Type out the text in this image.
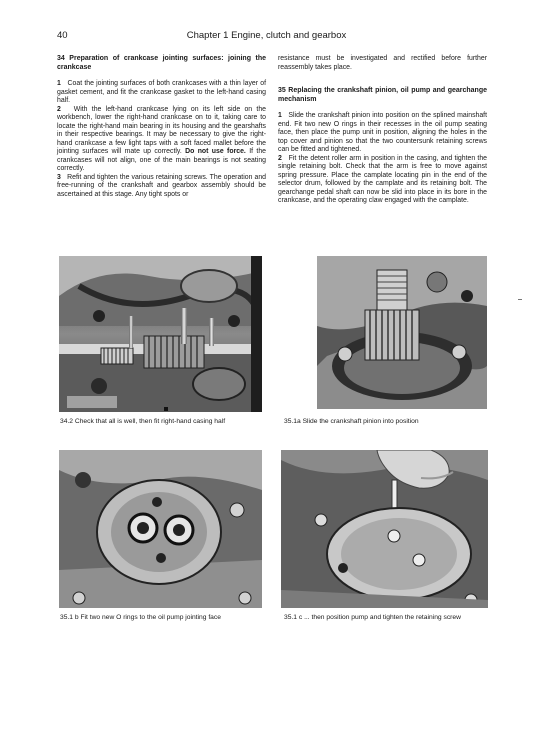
40	Chapter 1 Engine, clutch and gearbox
34 Preparation of crankcase jointing surfaces: joining the crankcase

1 Coat the jointing surfaces of both crankcases with a thin layer of gasket cement, and fit the crankcase gasket to the left-hand casing half.

2 With the left-hand crankcase lying on its left side on the workbench, lower the right-hand crankcase on to it, taking care to locate the right-hand main bearing in its housing and the gearshafts in their respective bearings. It may be necessary to give the right-hand crankcase a few light taps with a soft faced mallet before the jointing surfaces will mate up correctly. Do not use force. If the crankcases will not align, one of the main bearings is not seating correctly.

3 Refit and tighten the various retaining screws. The operation and free-running of the crankshaft and gearbox assembly should be ascertained at this stage. Any tight spots or

resistance must be investigated and rectified before further reassembly takes place.

35 Replacing the crankshaft pinion, oil pump and gearchange mechanism

1 Slide the crankshaft pinion into position on the splined mainshaft end. Fit two new O rings in their recesses in the oil pump seating face, then place the pump unit in position, aligning the holes in the top cover and pinion so that the two countersunk retaining screws can be fitted and tightened.

2 Fit the detent roller arm in position in the casing, and tighten the single retaining bolt. Check that the arm is free to move against spring pressure. Place the camplate locating pin in the end of the selector drum, followed by the camplate and its retaining bolt. The gearchange pedal shaft can now be slid into place in its bore in the crankcase, and the operating claw engaged with the camplate.

34.2 Check that all is well, then fit right-hand casing half	35.1a Slide the crankshaft pinion into position
35.1 b Fit two new O rings to the oil pump jointing face	35.1 c ... then position pump and tighten the retaining screw
